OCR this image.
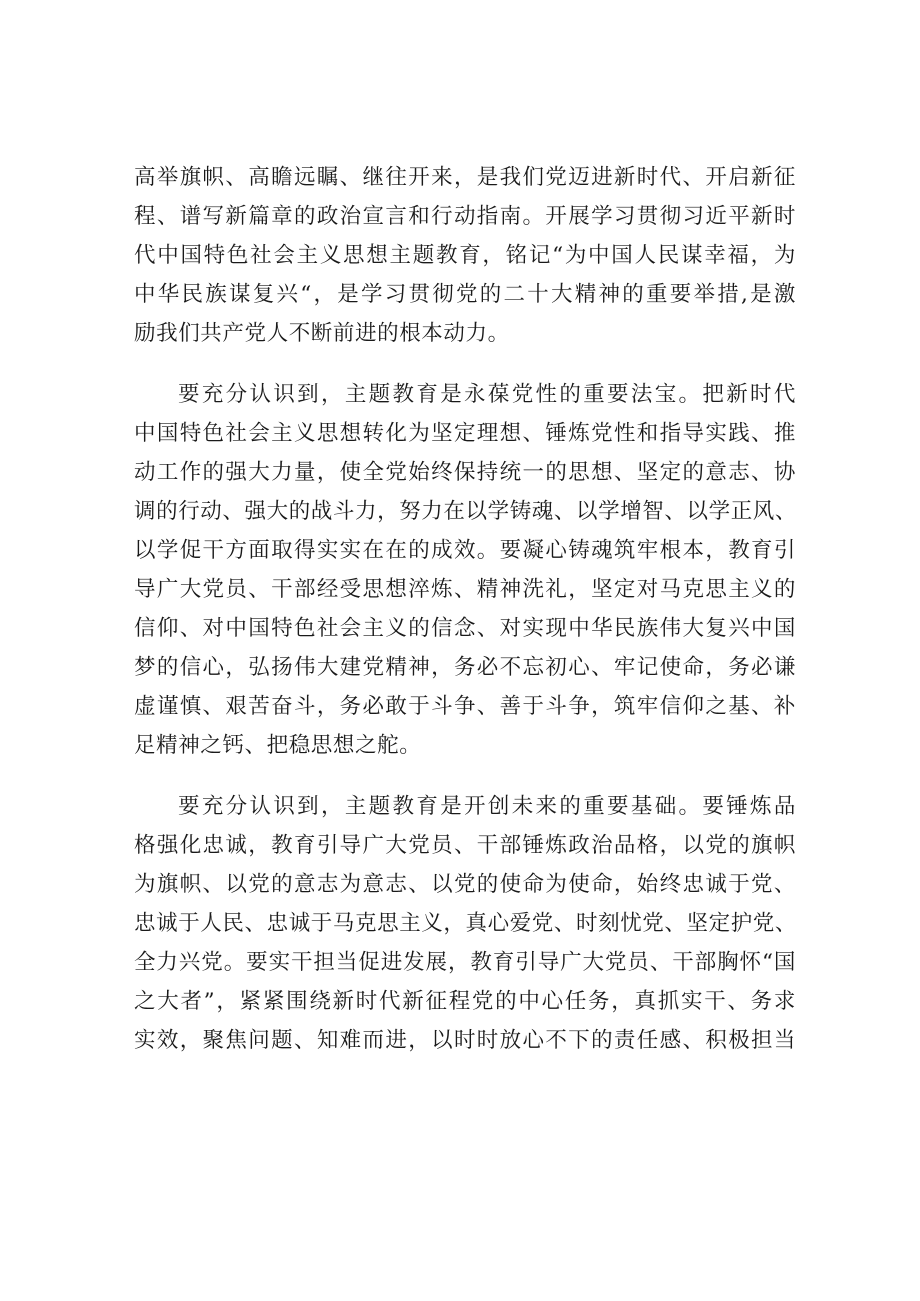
高举旗帜、高瞻远瞩、继往开来，是我们党迈进新时代、开启新征
程、谱写新篇章的政治宣言和行动指南。开展学习贯彻习近平新时
代中国特色社会主义思想主题教育，铭记“为中国人民谋幸福，为
中华民族谋复兴“，是学习贯彻党的二十大精神的重要举措,是激
励我们共产党人不断前进的根本动力。
要充分认识到，主题教育是永葆党性的重要法宝。把新时代
中国特色社会主义思想转化为坚定理想、锤炼党性和指导实践、推
动工作的强大力量，使全党始终保持统一的思想、坚定的意志、协
调的行动、强大的战斗力，努力在以学铸魂、以学增智、以学正风、
以学促干方面取得实实在在的成效。要凝心铸魂筑牢根本，教育引
导广大党员、干部经受思想淬炼、精神洗礼，坚定对马克思主义的
信仰、对中国特色社会主义的信念、对实现中华民族伟大复兴中国
梦的信心，弘扬伟大建党精神，务必不忘初心、牢记使命，务必谦
虚谨慎、艰苦奋斗，务必敢于斗争、善于斗争，筑牢信仰之基、补
足精神之钙、把稳思想之舵。
要充分认识到，主题教育是开创未来的重要基础。要锤炼品
格强化忠诚，教育引导广大党员、干部锤炼政治品格，以党的旗帜
为旗帜、以党的意志为意志、以党的使命为使命，始终忠诚于党、
忠诚于人民、忠诚于马克思主义，真心爱党、时刻忧党、坚定护党、
全力兴党。要实干担当促进发展，教育引导广大党员、干部胸怀“国
之大者”，紧紧围绕新时代新征程党的中心任务，真抓实干、务求
实效，聚焦问题、知难而进，以时时放心不下的责任感、积极担当
